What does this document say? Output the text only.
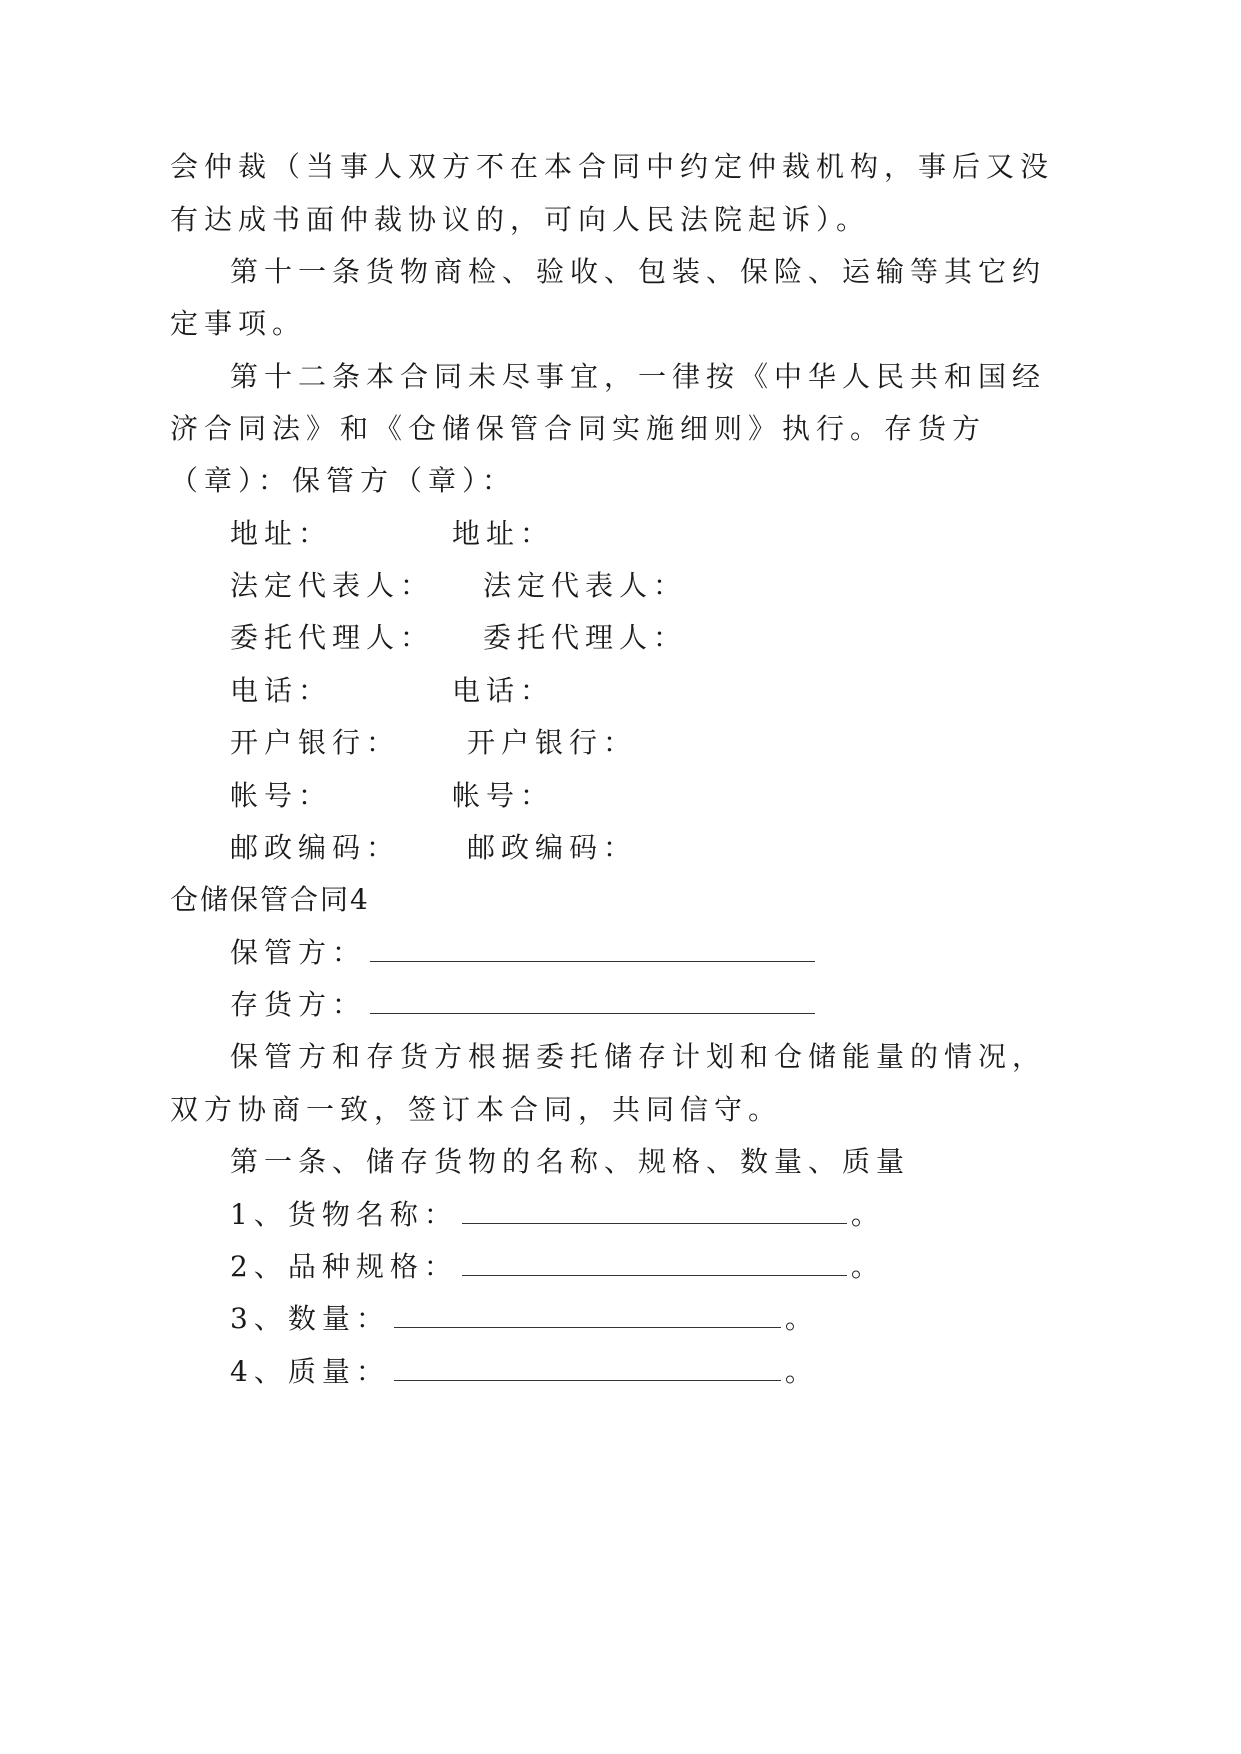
会仲裁（当事人双方不在本合同中约定仲裁机构，事后又没

有达成书面仲裁协议的，可向人民法院起诉）。

第十一条货物商检、验收、包装、保险、运输等其它约

定事项。

第十二条本合同未尽事宜，一律按《中华人民共和国经

济合同法》和《仓储保管合同实施细则》执行。存货方

（章）：保管方（章）：

地址：	地址：

法定代表人： 法定代表人：

委托代理人： 委托代理人：

电话：	电话：

开户银行： 开户银行：

帐号：	帐号：

邮政编码： 邮政编码：

仓储保管合同4

保管方：

存货方：

保管方和存货方根据委托储存计划和仓储能量的情况，

双方协商一致，签订本合同，共同信守。

第一条、储存货物的名称、规格、数量、质量

1、货物名称：	。

2、品种规格：	。

3、数量：	。

4、质量：	。
